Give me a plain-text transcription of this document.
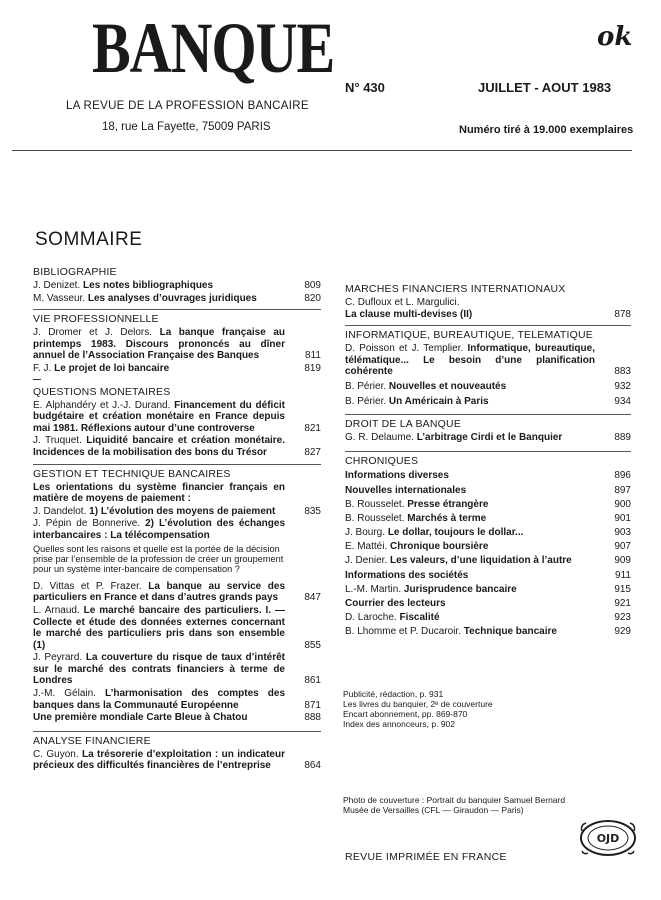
BANQUE	ok
LA REVUE DE LA PROFESSION BANCAIRE
18, rue La Fayette, 75009 PARIS
N° 430	JUILLET - AOUT 1983
Numéro tiré à 19.000 exemplaires
SOMMAIRE
BIBLIOGRAPHIE
J. Denizet. Les notes bibliographiques	809
M. Vasseur. Les analyses d’ouvrages juridiques	820
VIE PROFESSIONNELLE
J. Dromer et J. Delors. La banque française au printemps 1983. Discours prononcés au dîner annuel de l’Association Française des Banques	811
F. J. Le projet de loi bancaire	819
QUESTIONS MONETAIRES
E. Alphandéry et J.-J. Durand. Financement du déficit budgétaire et création monétaire en France depuis mai 1981. Réflexions autour d’une controverse	821
J. Truquet. Liquidité bancaire et création monétaire. Incidences de la mobilisation des bons du Trésor	827
GESTION ET TECHNIQUE BANCAIRES
Les orientations du système financier français en matière de moyens de paiement :
J. Dandelot. 1) L’évolution des moyens de paiement	835
J. Pépin de Bonnerive. 2) L’évolution des échanges interbancaires : La télécompensation
Quelles sont les raisons et quelle est la portée de la décision prise par l’ensemble de la profession de créer un groupement pour un système inter-bancaire de compensation ?
D. Vittas et P. Frazer. La banque au service des particuliers en France et dans d’autres grands pays	847
L. Arnaud. Le marché bancaire des particuliers. I. — Collecte et étude des données externes concernant le marché des particuliers pris dans son ensemble (1)	855
J. Peyrard. La couverture du risque de taux d’intérêt sur le marché des contrats financiers à terme de Londres	861
J.-M. Gélain. L’harmonisation des comptes des banques dans la Communauté Européenne	871
Une première mondiale Carte Bleue à Chatou	888
ANALYSE FINANCIERE
C. Guyon. La trésorerie d’exploitation : un indicateur précieux des difficultés financières de l’entreprise	864
MARCHES FINANCIERS INTERNATIONAUX
C. Dufloux et L. Margulici.
La clause multi-devises (II)	878
INFORMATIQUE, BUREAUTIQUE, TELEMATIQUE
D. Poisson et J. Templier. Informatique, bureautique, télématique... Le besoin d’une planification cohérente	883
B. Périer. Nouvelles et nouveautés	932
B. Périer. Un Américain à Paris	934
DROIT DE LA BANQUE
G. R. Delaume. L’arbitrage Cirdi et le Banquier	889
CHRONIQUES
Informations diverses	896
Nouvelles internationales	897
B. Rousselet. Presse étrangère	900
B. Rousselet. Marchés à terme	901
J. Bourg. Le dollar, toujours le dollar...	903
E. Mattéi. Chronique boursière	907
J. Denier. Les valeurs, d’une liquidation à l’autre	909
Informations des sociétés	911
L.-M. Martin. Jurisprudence bancaire	915
Courrier des lecteurs	921
D. Laroche. Fiscalité	923
B. Lhomme et P. Ducaroir. Technique bancaire	929
Publicité, rédaction, p. 931
Les livres du banquier, 2ᵉ de couverture
Encart abonnement, pp. 869-870
Index des annonceurs, p. 902
Photo de couverture : Portrait du banquier Samuel Bernard
Musée de Versailles (CFL — Giraudon — Paris)
REVUE IMPRIMÉE EN FRANCE
OJD
